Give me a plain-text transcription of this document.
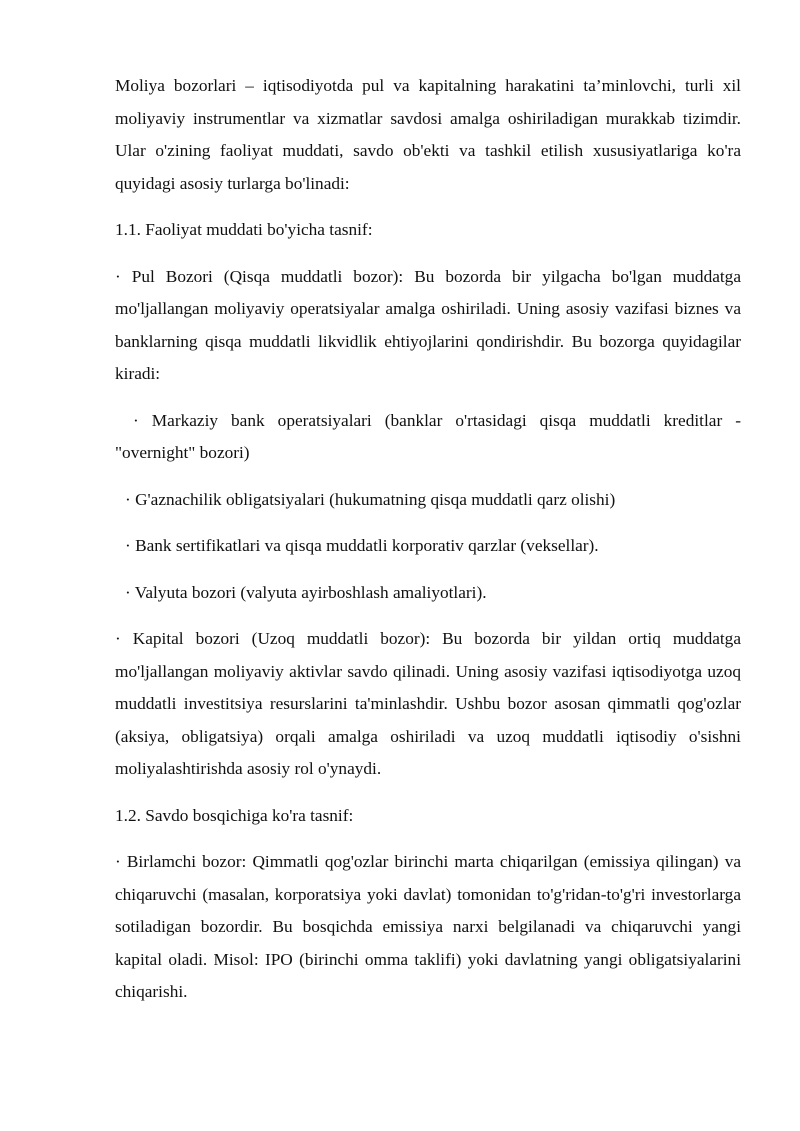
Moliya bozorlari – iqtisodiyotda pul va kapitalning harakatini ta’minlovchi, turli xil moliyaviy instrumentlar va xizmatlar savdosi amalga oshiriladigan murakkab tizimdir. Ular o'zining faoliyat muddati, savdo ob'ekti va tashkil etilish xususiyatlariga ko'ra quyidagi asosiy turlarga bo'linadi:

1.1. Faoliyat muddati bo'yicha tasnif:

· Pul Bozori (Qisqa muddatli bozor): Bu bozorda bir yilgacha bo'lgan muddatga mo'ljallangan moliyaviy operatsiyalar amalga oshiriladi. Uning asosiy vazifasi biznes va banklarning qisqa muddatli likvidlik ehtiyojlarini qondirishdir. Bu bozorga quyidagilar kiradi:

· Markaziy bank operatsiyalari (banklar o'rtasidagi qisqa muddatli kreditlar - "overnight" bozori)

· G'aznachilik obligatsiyalari (hukumatning qisqa muddatli qarz olishi)

· Bank sertifikatlari va qisqa muddatli korporativ qarzlar (veksellar).

· Valyuta bozori (valyuta ayirboshlash amaliyotlari).

· Kapital bozori (Uzoq muddatli bozor): Bu bozorda bir yildan ortiq muddatga mo'ljallangan moliyaviy aktivlar savdo qilinadi. Uning asosiy vazifasi iqtisodiyotga uzoq muddatli investitsiya resurslarini ta'minlashdir. Ushbu bozor asosan qimmatli qog'ozlar (aksiya, obligatsiya) orqali amalga oshiriladi va uzoq muddatli iqtisodiy o'sishni moliyalashtirishda asosiy rol o'ynaydi.

1.2. Savdo bosqichiga ko'ra tasnif:

· Birlamchi bozor: Qimmatli qog'ozlar birinchi marta chiqarilgan (emissiya qilingan) va chiqaruvchi (masalan, korporatsiya yoki davlat) tomonidan to'g'ridan-to'g'ri investorlarga sotiladigan bozordir. Bu bosqichda emissiya narxi belgilanadi va chiqaruvchi yangi kapital oladi. Misol: IPO (birinchi omma taklifi) yoki davlatning yangi obligatsiyalarini chiqarishi.
